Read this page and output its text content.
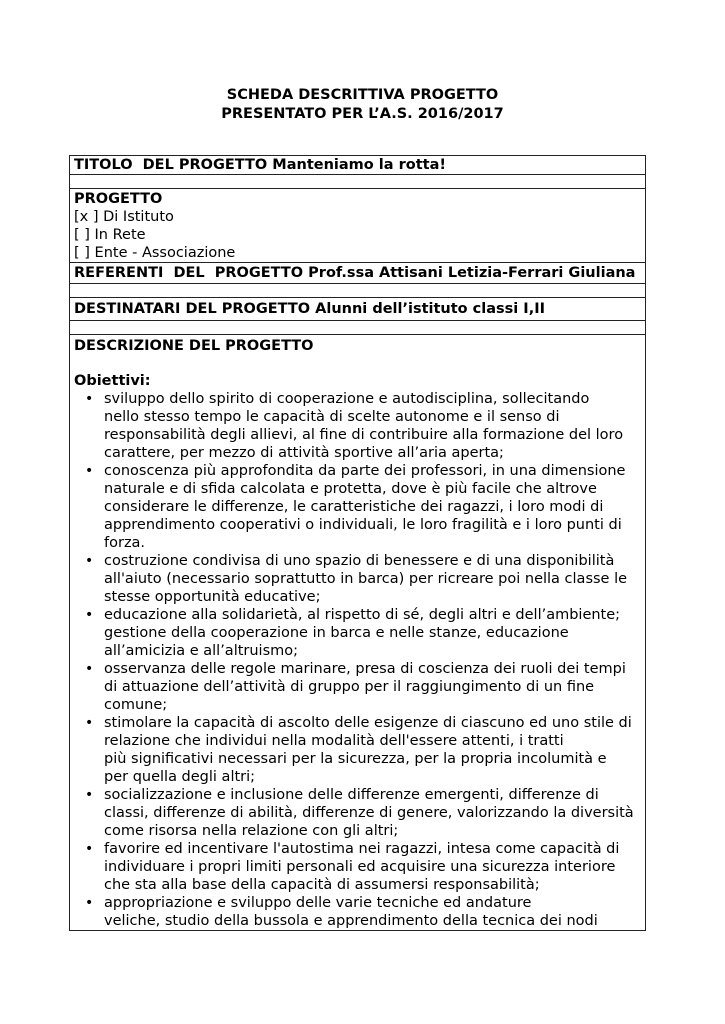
SCHEDA DESCRITTIVA PROGETTO
PRESENTATO PER L’A.S. 2016/2017
TITOLO  DEL PROGETTO Manteniamo la rotta!

PROGETTO
[x ] Di Istituto
[ ] In Rete
[ ] Ente - Associazione

REFERENTI  DEL  PROGETTO Prof.ssa Attisani Letizia-Ferrari Giuliana

DESTINATARI DEL PROGETTO Alunni dell’istituto classi I,II

DESCRIZIONE DEL PROGETTO
Obiettivi:
• sviluppo dello spirito di cooperazione e autodisciplina, sollecitando
nello stesso tempo le capacità di scelte autonome e il senso di
responsabilità degli allievi, al fine di contribuire alla formazione del loro
carattere, per mezzo di attività sportive all’aria aperta;
• conoscenza più approfondita da parte dei professori, in una dimensione
naturale e di sfida calcolata e protetta, dove è più facile che altrove
considerare le differenze, le caratteristiche dei ragazzi, i loro modi di
apprendimento cooperativi o individuali, le loro fragilità e i loro punti di
forza.
• costruzione condivisa di uno spazio di benessere e di una disponibilità
all'aiuto (necessario soprattutto in barca) per ricreare poi nella classe le
stesse opportunità educative;
• educazione alla solidarietà, al rispetto di sé, degli altri e dell’ambiente;
gestione della cooperazione in barca e nelle stanze, educazione
all’amicizia e all’altruismo;
• osservanza delle regole marinare, presa di coscienza dei ruoli dei tempi
di attuazione dell’attività di gruppo per il raggiungimento di un fine
comune;
• stimolare la capacità di ascolto delle esigenze di ciascuno ed uno stile di
relazione che individui nella modalità dell'essere attenti, i tratti
più significativi necessari per la sicurezza, per la propria incolumità e
per quella degli altri;
• socializzazione e inclusione delle differenze emergenti, differenze di
classi, differenze di abilità, differenze di genere, valorizzando la diversità
come risorsa nella relazione con gli altri;
• favorire ed incentivare l'autostima nei ragazzi, intesa come capacità di
individuare i propri limiti personali ed acquisire una sicurezza interiore
che sta alla base della capacità di assumersi responsabilità;
• appropriazione e sviluppo delle varie tecniche ed andature
veliche, studio della bussola e apprendimento della tecnica dei nodi
